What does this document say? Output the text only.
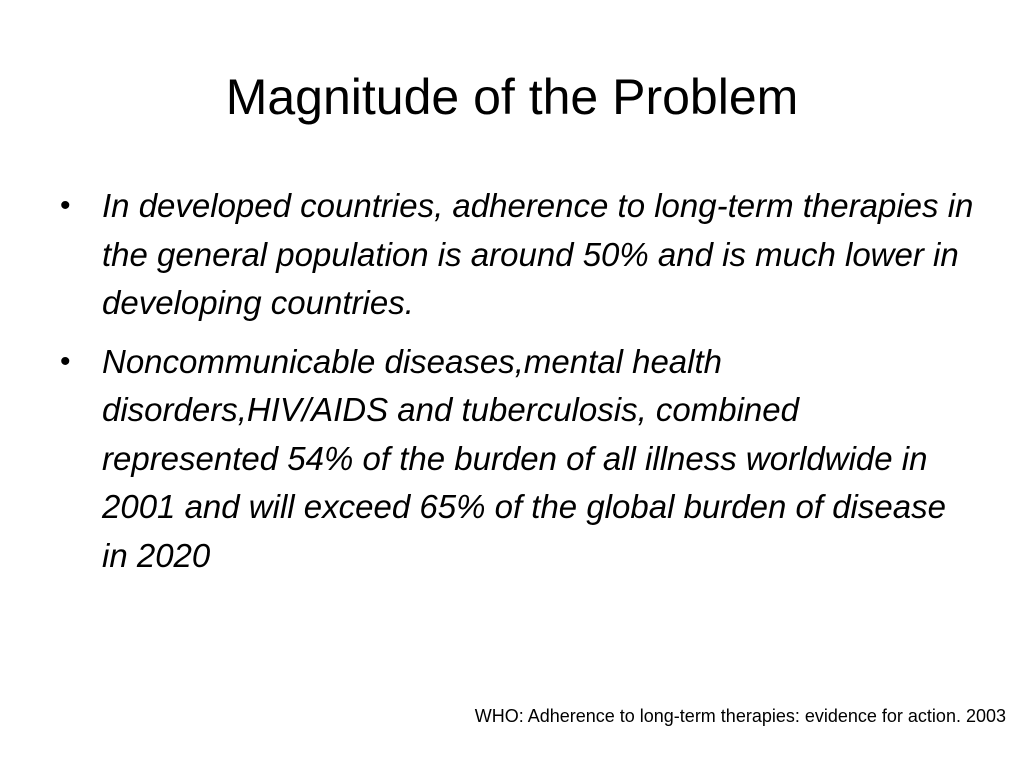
Magnitude of the Problem
• In developed countries, adherence to long-term therapies in the general population is around 50% and is much lower in developing countries.
• Noncommunicable diseases,mental health disorders,HIV/AIDS and tuberculosis, combined represented 54% of the burden of all illness worldwide in 2001 and will exceed 65% of the global burden of disease in 2020
WHO: Adherence to long-term therapies: evidence for action. 2003
